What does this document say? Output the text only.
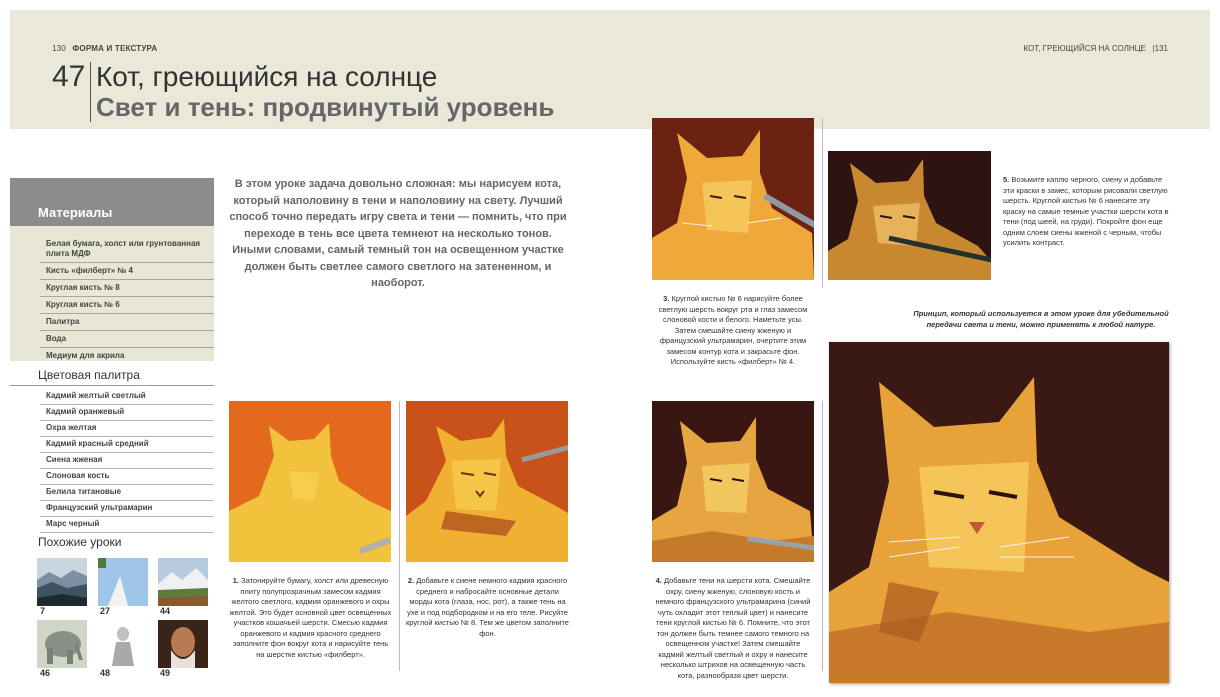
130 ФОРМА И ТЕКСТУРА	КОТ, ГРЕЮЩИЙСЯ НА СОЛНЦЕ   |131
47 Кот, греющийся на солнце
Свет и тень: продвинутый уровень
Материалы
Белая бумага, холст или грунтованная плита МДФ
Кисть «филберт» № 4
Круглая кисть № 8
Круглая кисть № 6
Палитра
Вода
Медиум для акрила
Цветовая палитра
Кадмий желтый светлый
Кадмий оранжевый
Охра желтая
Кадмий красный средний
Сиена жженая
Слоновая кость
Белила титановые
Французский ультрамарин
Марс черный
Похожие уроки
7	27	44
46	48	49
В этом уроке задача довольно сложная: мы нарисуем кота, который наполовину в тени и наполовину на свету. Лучший способ точно передать игру света и тени — помнить, что при переходе в тень все цвета темнеют на несколько тонов. Иными словами, самый темный тон на освещенном участке должен быть светлее самого светлого на затененном, и наоборот.
1. Затонируйте бумагу, холст или древесную плиту полупрозрачным замесом кадмия желтого светлого, кадмия оранжевого и охры желтой. Это будет основной цвет освещенных участков кошачьей шерсти. Смесью кадмия оранжевого и кадмия красного среднего заполните фон вокруг кота и нарисуйте тень на шерстке кистью «филберт».
2. Добавьте к сиене немного кадмия красного среднего и набросайте основные детали морды кота (глаза, нос, рот), а также тень на ухе и под подбородком и на его теле. Рисуйте круглой кистью № 8. Тем же цветом заполните фон.
3. Круглой кистью № 6 нарисуйте более светлую шерсть вокруг рта и глаз замесом слоновой кости и белого. Наметьте усы. Затем смешайте сиену жженую и французский ультрамарин, очертите этим замесом контур кота и закрасьте фон. Используйте кисть «филберт» № 4.
4. Добавьте тени на шерсти кота. Смешайте охру, сиену жженую, слоновую кость и немного французского ультрамарина (синий чуть охладит этот теплый цвет) и нанесите тени круглой кистью № 6. Помните, что этот тон должен быть темнее самого темного на освещенном участке! Затем смешайте кадмий желтый светлый и охру и нанесите несколько штрихов на освещенную часть кота, разнообразя цвет шерсти.
5. Возьмите каплю черного, сиену и добавьте эти краски в замес, которым рисовали светлую шерсть. Круглой кистью № 6 нанесите эту краску на самые темные участки шерсти кота в тени (под шеей, на груди). Покройте фон еще одним слоем сиены жженой с черным, чтобы усилить контраст.
Принцип, который используется в этом уроке для убедительной передачи света и тени, можно применять к любой натуре.
